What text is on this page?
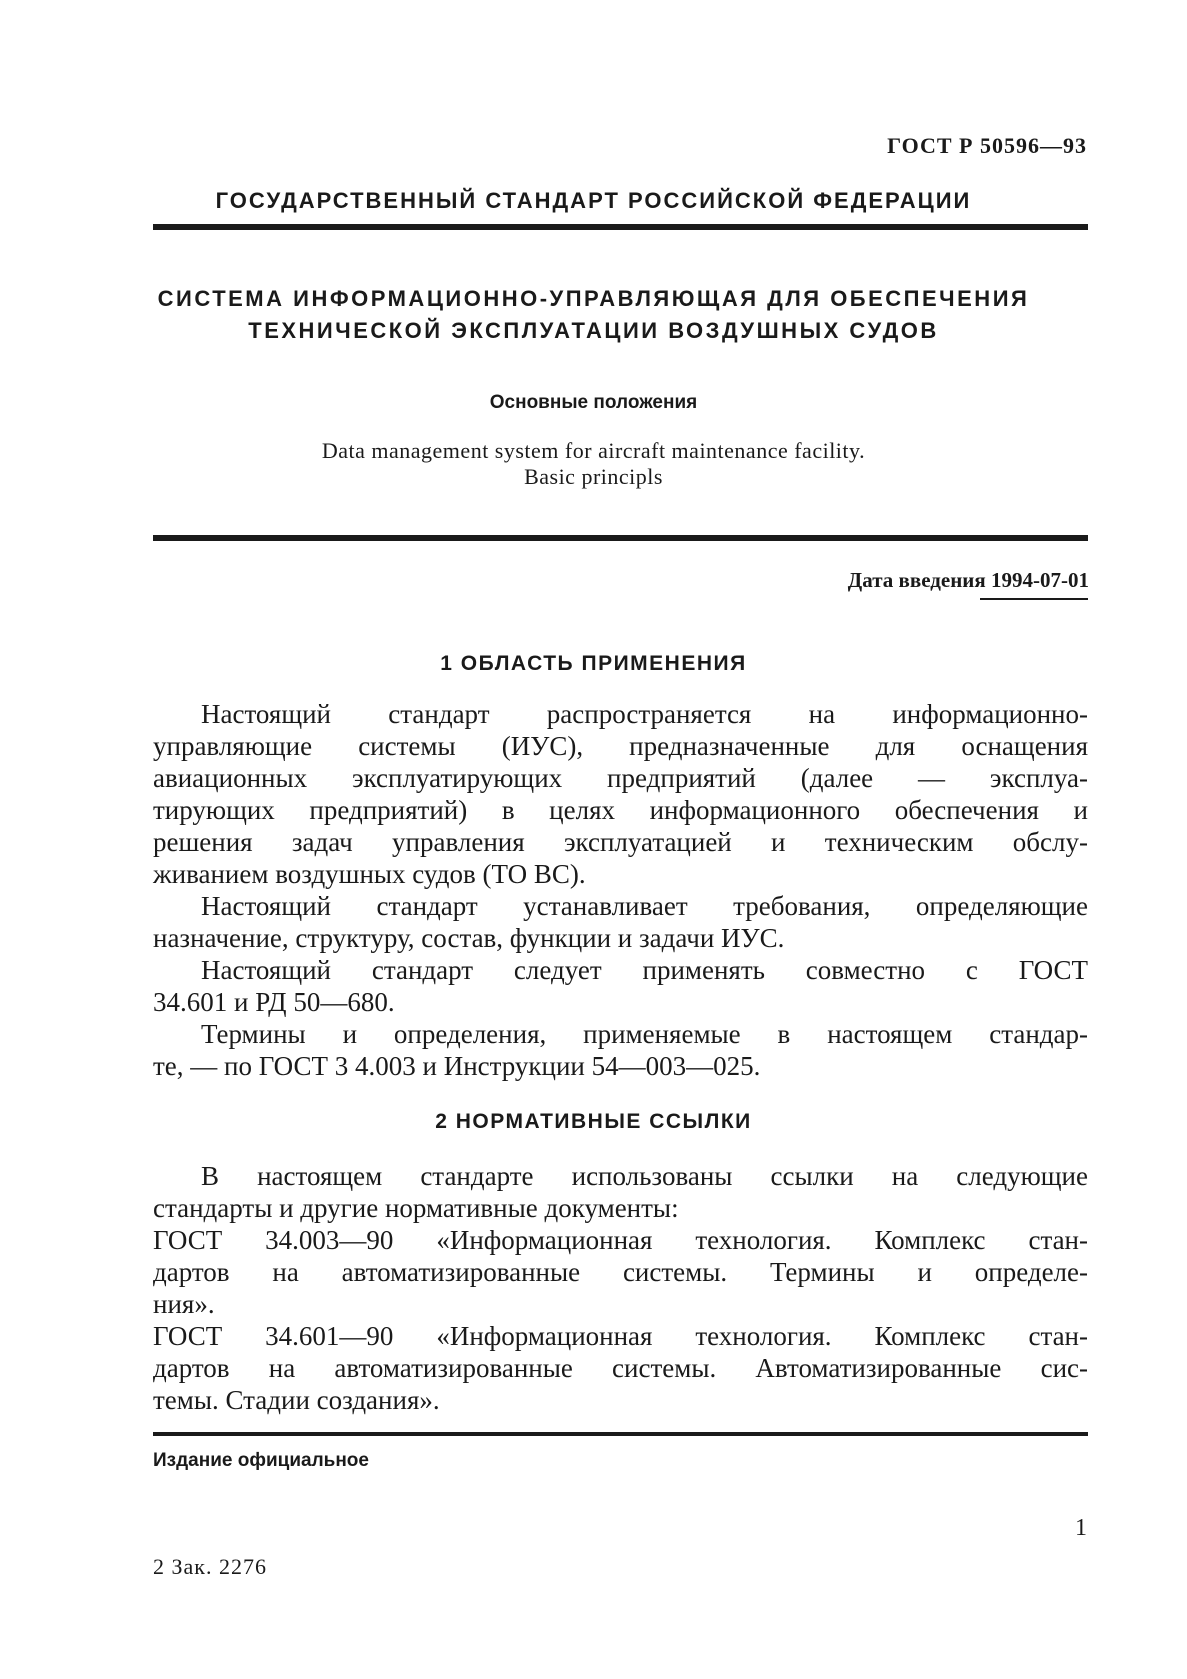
ГОСТ Р 50596—93
ГОСУДАРСТВЕННЫЙ СТАНДАРТ РОССИЙСКОЙ ФЕДЕРАЦИИ
СИСТЕМА ИНФОРМАЦИОННО-УПРАВЛЯЮЩАЯ ДЛЯ ОБЕСПЕЧЕНИЯ
ТЕХНИЧЕСКОЙ ЭКСПЛУАТАЦИИ ВОЗДУШНЫХ СУДОВ
Основные положения
Data management system for aircraft maintenance facility.
Basic principls
Дата введения 1994-07-01
1 ОБЛАСТЬ ПРИМЕНЕНИЯ
Настоящий стандарт распространяется на информационно-
управляющие системы (ИУС), предназначенные для оснащения
авиационных эксплуатирующих предприятий (далее — эксплуа-
тирующих предприятий) в целях информационного обеспечения и
решения задач управления эксплуатацией и техническим обслу-
живанием воздушных судов (ТО ВС).
Настоящий стандарт устанавливает требования, определяющие
назначение, структуру, состав, функции и задачи ИУС.
Настоящий стандарт следует применять совместно с ГОСТ
34.601 и РД 50—680.
Термины и определения, применяемые в настоящем стандар-
те, — по ГОСТ 3 4.003 и Инструкции 54—003—025.
2 НОРМАТИВНЫЕ ССЫЛКИ
В настоящем стандарте использованы ссылки на следующие
стандарты и другие нормативные документы:
ГОСТ 34.003—90 «Информационная технология. Комплекс стан-
дартов на автоматизированные системы. Термины и определе-
ния».
ГОСТ 34.601—90 «Информационная технология. Комплекс стан-
дартов на автоматизированные системы. Автоматизированные сис-
темы. Стадии создания».
Издание официальное
1
2 Зак. 2276
